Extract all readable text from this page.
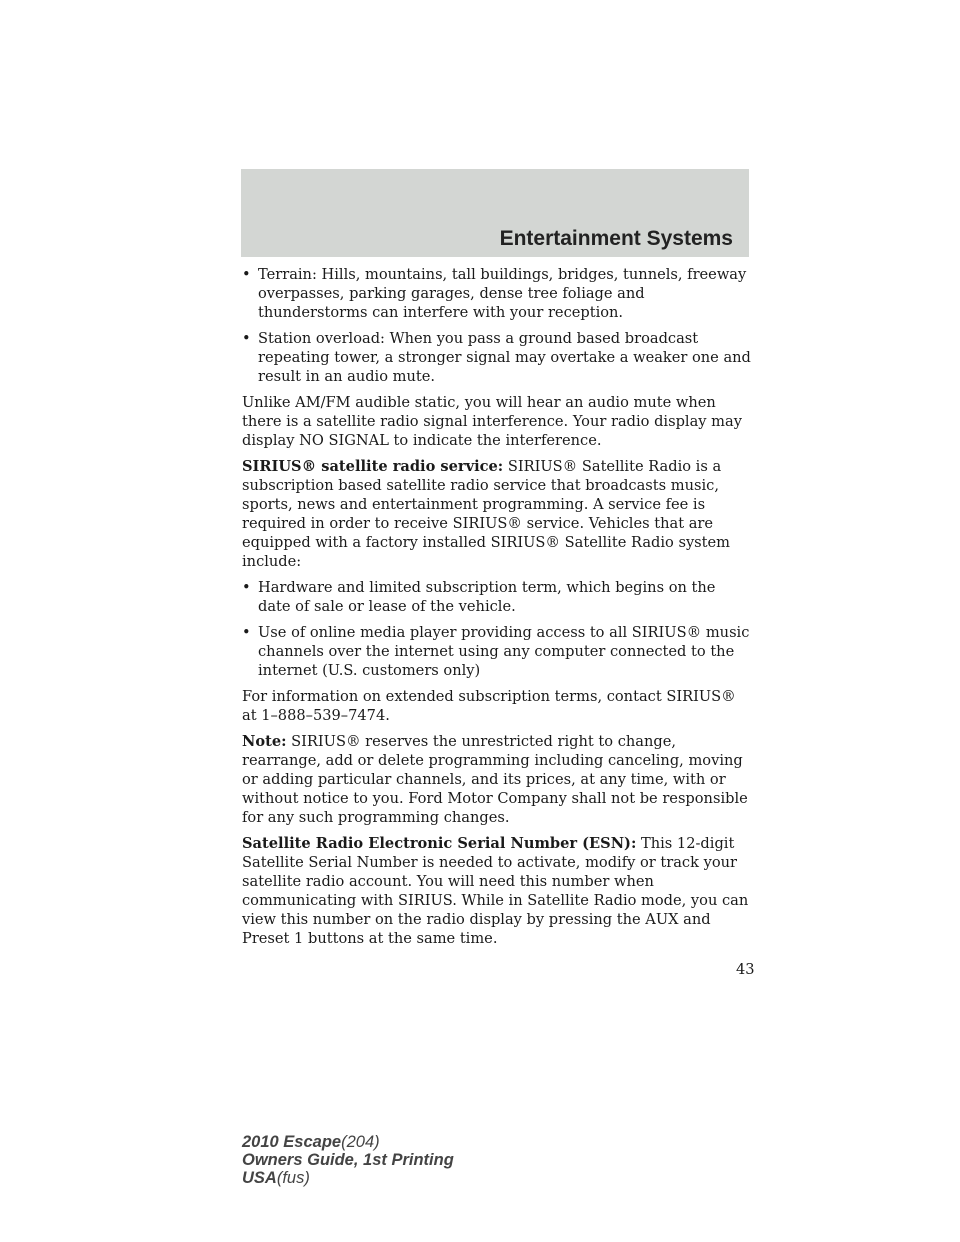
Entertainment Systems
• Terrain: Hills, mountains, tall buildings, bridges, tunnels, freeway overpasses, parking garages, dense tree foliage and thunderstorms can interfere with your reception.
• Station overload: When you pass a ground based broadcast repeating tower, a stronger signal may overtake a weaker one and result in an audio mute.

Unlike AM/FM audible static, you will hear an audio mute when there is a satellite radio signal interference. Your radio display may display NO SIGNAL to indicate the interference.

SIRIUS® satellite radio service: SIRIUS® Satellite Radio is a subscription based satellite radio service that broadcasts music, sports, news and entertainment programming. A service fee is required in order to receive SIRIUS® service. Vehicles that are equipped with a factory installed SIRIUS® Satellite Radio system include:

• Hardware and limited subscription term, which begins on the date of sale or lease of the vehicle.
• Use of online media player providing access to all SIRIUS® music channels over the internet using any computer connected to the internet (U.S. customers only)

For information on extended subscription terms, contact SIRIUS® at 1–888–539–7474.

Note: SIRIUS® reserves the unrestricted right to change, rearrange, add or delete programming including canceling, moving or adding particular channels, and its prices, at any time, with or without notice to you. Ford Motor Company shall not be responsible for any such programming changes.

Satellite Radio Electronic Serial Number (ESN): This 12-digit Satellite Serial Number is needed to activate, modify or track your satellite radio account. You will need this number when communicating with SIRIUS. While in Satellite Radio mode, you can view this number on the radio display by pressing the AUX and Preset 1 buttons at the same time.

43
2010 Escape(204)
Owners Guide, 1st Printing
USA(fus)
